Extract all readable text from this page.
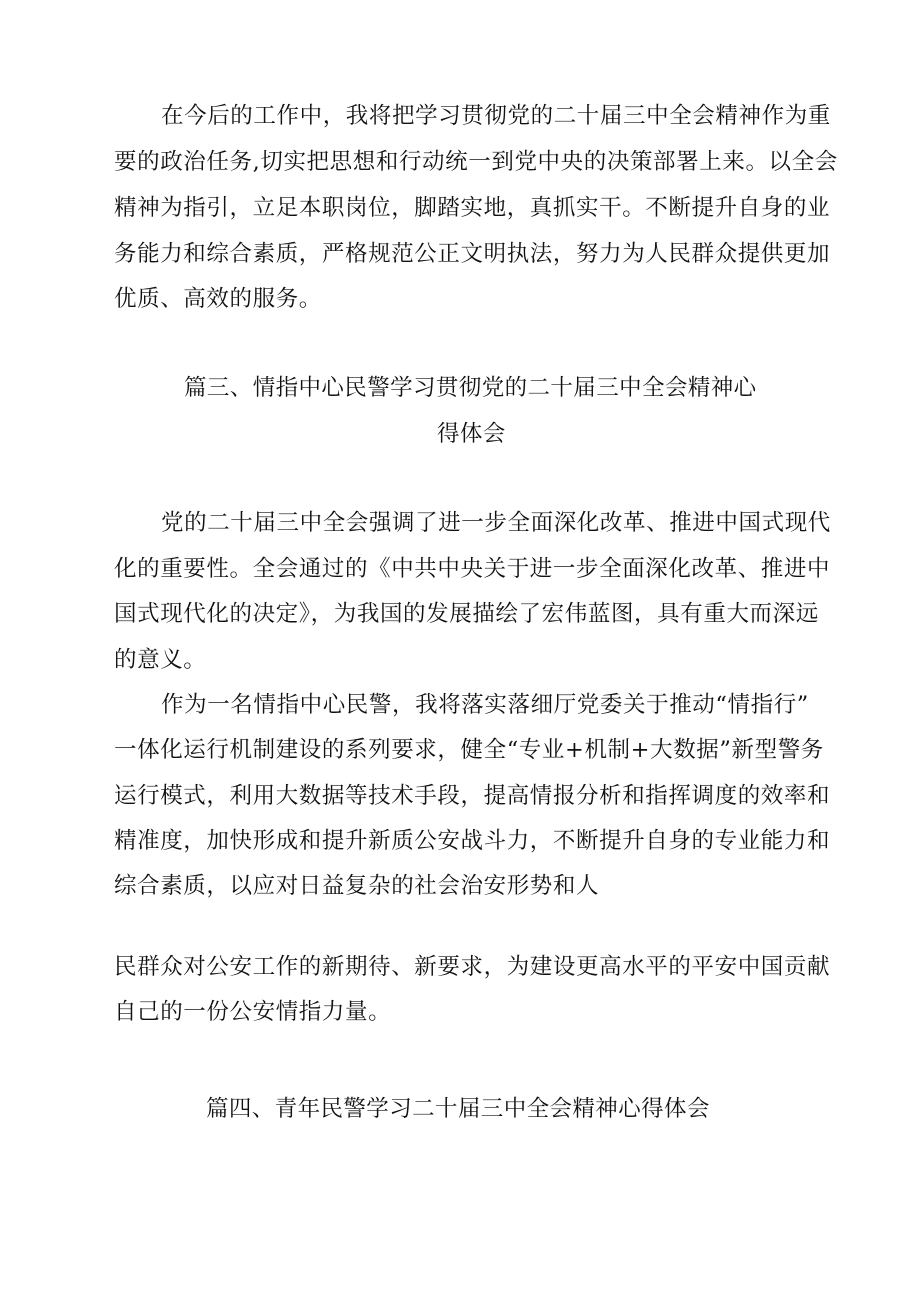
在今后的工作中，我将把学习贯彻党的二十届三中全会精神作为重
要的政治任务,切实把思想和行动统一到党中央的决策部署上来。以全会
精神为指引，立足本职岗位，脚踏实地，真抓实干。不断提升自身的业
务能力和综合素质，严格规范公正文明执法，努力为人民群众提供更加
优质、高效的服务。
篇三、情指中心民警学习贯彻党的二十届三中全会精神心
得体会
党的二十届三中全会强调了进一步全面深化改革、推进中国式现代
化的重要性。全会通过的《中共中央关于进一步全面深化改革、推进中
国式现代化的决定》，为我国的发展描绘了宏伟蓝图，具有重大而深远
的意义。
作为一名情指中心民警，我将落实落细厅党委关于推动“情指行”
一体化运行机制建设的系列要求，健全“专业+机制+大数据”新型警务
运行模式，利用大数据等技术手段，提高情报分析和指挥调度的效率和
精准度，加快形成和提升新质公安战斗力，不断提升自身的专业能力和
综合素质，以应对日益复杂的社会治安形势和人
民群众对公安工作的新期待、新要求，为建设更高水平的平安中国贡献
自己的一份公安情指力量。
篇四、青年民警学习二十届三中全会精神心得体会
